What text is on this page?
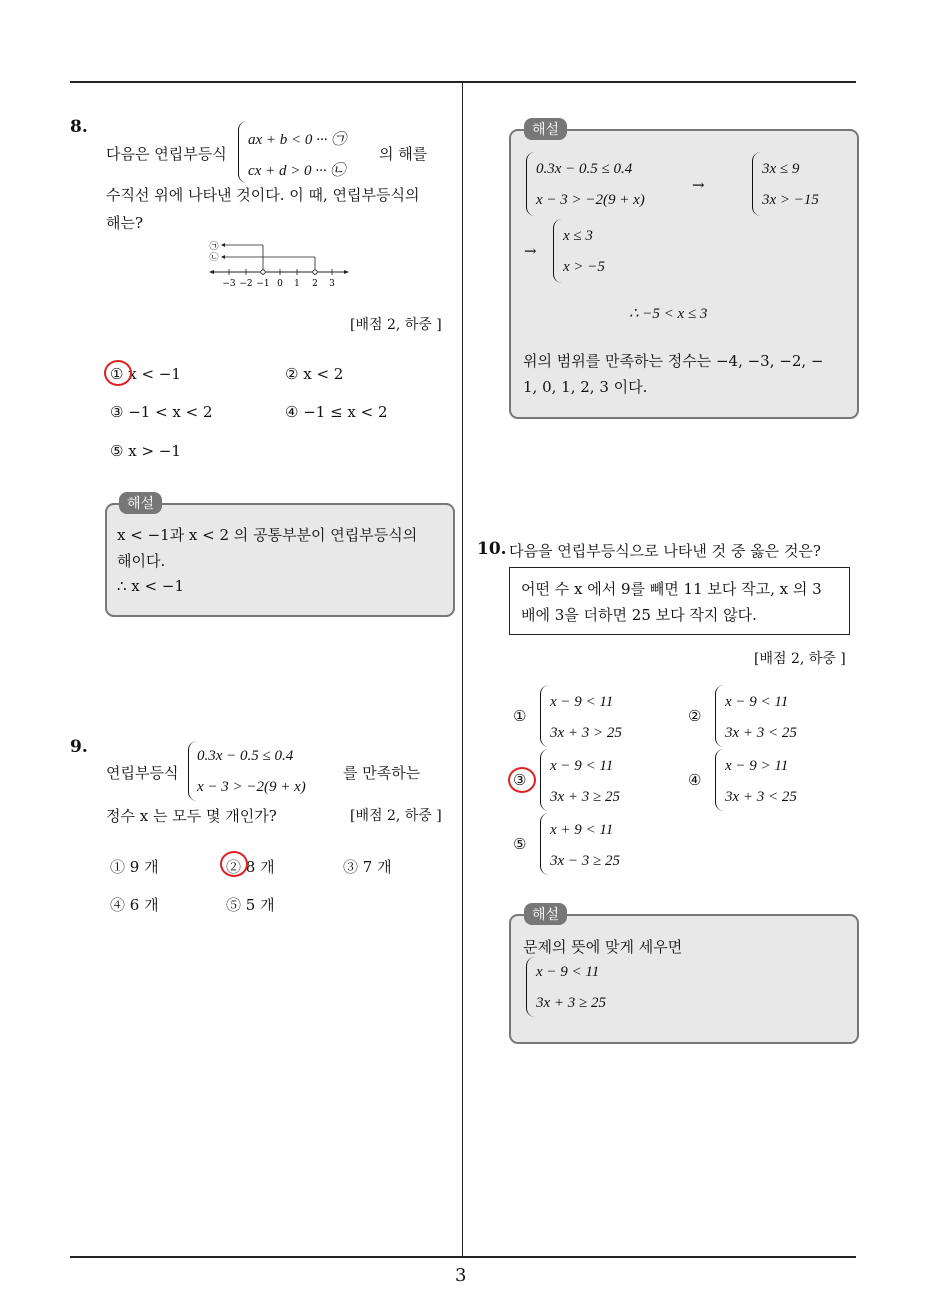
3
8.
다음은 연립부등식
ax + b < 0 ··· ㉠
cx + d > 0 ··· ㉡
의 해를
수직선 위에 나타낸 것이다. 이 때, 연립부등식의
해는?
㉠
㉡
−3 −2 −1 0 1 2 3
[배점 2, 하중 ]
① x < −1	② x < 2
③ −1 < x < 2	④ −1 ≤ x < 2
⑤ x > −1
해설
x < −1과 x < 2 의 공통부분이 연립부등식의
해이다.
∴ x < −1
9.
연립부등식
0.3x − 0.5 ≤ 0.4
x − 3 > −2(9 + x)
를 만족하는
정수 x 는 모두 몇 개인가?	[배점 2, 하중 ]
① 9 개	② 8 개	③ 7 개
④ 6 개	⑤ 5 개
해설
0.3x − 0.5 ≤ 0.4
x − 3 > −2(9 + x)
→
3x ≤ 9
3x > −15
→
x ≤ 3
x > −5
∴ −5 < x ≤ 3
위의 범위를 만족하는 정수는 −4, −3, −2, −
1, 0, 1, 2, 3 이다.
10. 다음을 연립부등식으로 나타낸 것 중 옳은 것은?
어떤 수 x 에서 9를 빼면 11 보다 작고, x 의 3
배에 3을 더하면 25 보다 작지 않다.
[배점 2, 하중 ]
①
x − 9 < 11
3x + 3 > 25
②
x − 9 < 11
3x + 3 < 25
③
x − 9 < 11
3x + 3 ≥ 25
④
x − 9 > 11
3x + 3 < 25
⑤
x + 9 < 11
3x − 3 ≥ 25
해설
문제의 뜻에 맞게 세우면
x − 9 < 11
3x + 3 ≥ 25
